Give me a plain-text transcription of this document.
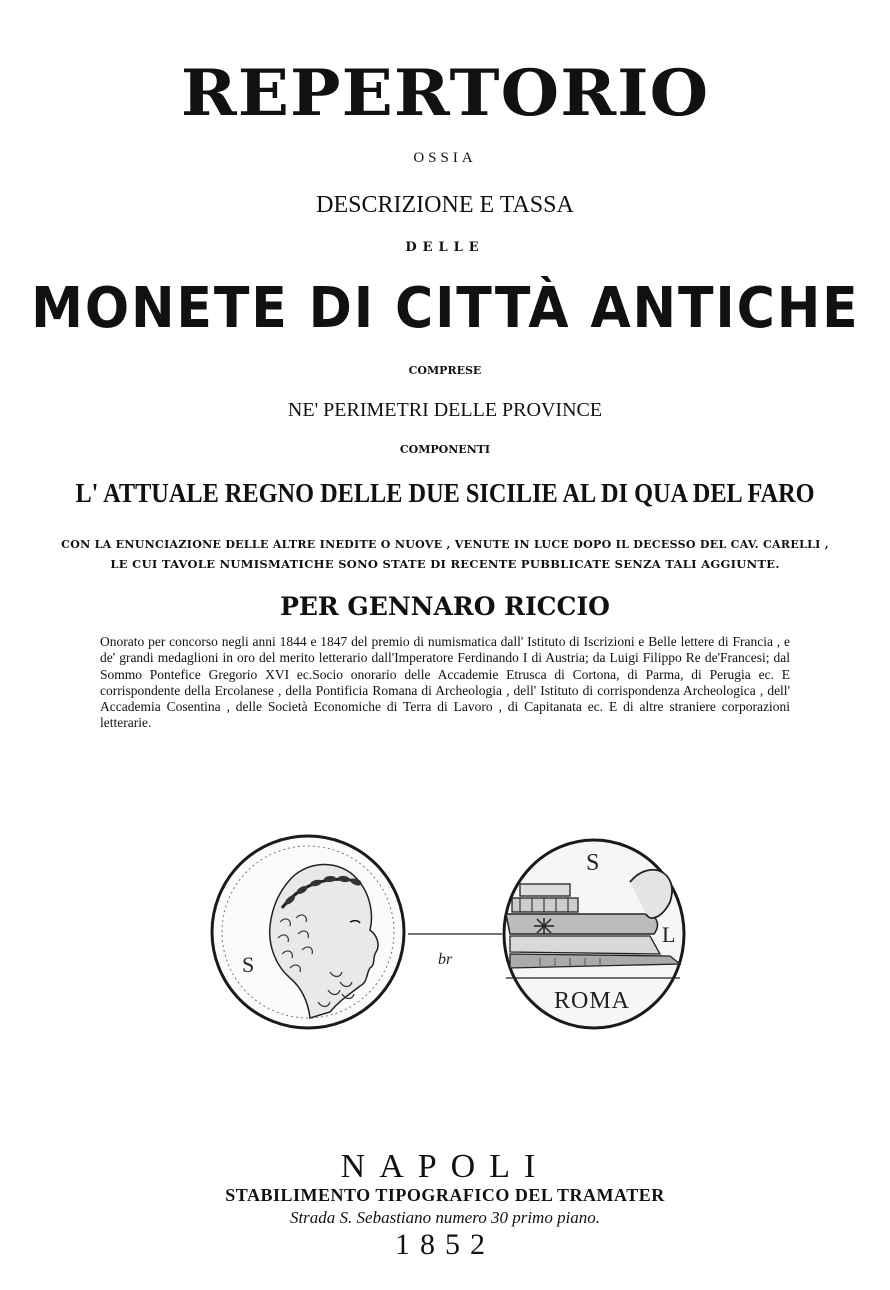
REPERTORIO
OSSIA
DESCRIZIONE E TASSA
DELLE
MONETE DI CITTÀ ANTICHE
COMPRESE
NE' PERIMETRI DELLE PROVINCE
COMPONENTI
L' ATTUALE REGNO DELLE DUE SICILIE AL DI QUA DEL FARO
CON LA ENUNCIAZIONE DELLE ALTRE INEDITE O NUOVE , VENUTE IN LUCE DOPO IL DECESSO DEL CAV. CARELLI ,
LE CUI TAVOLE NUMISMATICHE SONO STATE DI RECENTE PUBBLICATE SENZA TALI AGGIUNTE.
PER GENNARO RICCIO

Onorato per concorso negli anni 1844 e 1847 del premio di numismatica dall' Istituto di Iscrizioni e Belle lettere di Francia , e de' grandi medaglioni in oro del merito letterario dall'Imperatore Ferdinando I di Austria; da Luigi Filippo Re de'Francesi; dal Sommo Pontefice Gregorio XVI ec.Socio onorario delle Accademie Etrusca di Cortona, di Parma, di Perugia ec. E corrispondente della Ercolanese , della Pontificia Romana di Archeologia , dell' Istituto di corrispondenza Archeologica , dell' Accademia Cosentina , delle Società Economiche di Terra di Lavoro , di Capitanata ec. E di altre straniere corporazioni letterarie.

br
S
S
L
ROMA
NAPOLI
STABILIMENTO TIPOGRAFICO DEL TRAMATER
Strada S. Sebastiano numero 30 primo piano.
1852
